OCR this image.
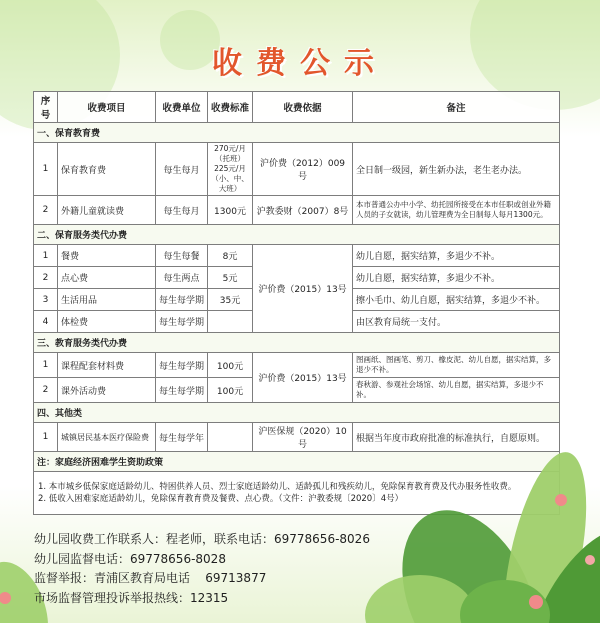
收费公示
序号	收费项目	收费单位	收费标准	收费依据	备注
一、保育教育费					
1	保育教育费	每生每月	270元/月
（托班）
225元/月
（小、中、大班）	沪价费（2012）009号	全日制一级园，新生新办法，老生老办法。
2	外籍儿童就读费	每生每月	1300元	沪教委财（2007）8号	本市普通公办中小学、幼托园所接受在本市任职或创业外籍人员的子女就读，幼儿管理费为全日制每人每月1300元。
二、保育服务类代办费					
1	餐费	每生每餐	8元	沪价费（2015）13号	幼儿自愿，据实结算，多退少不补。
2	点心费	每生两点	5元		幼儿自愿，据实结算，多退少不补。
3	生活用品	每生每学期	35元		擦小毛巾、幼儿自愿，据实结算，多退少不补。
4	体检费	每生每学期			由区教育局统一支付。
三、教育服务类代办费					
1	课程配套材料费	每生每学期	100元	沪价费（2015）13号	图画纸、图画笔、剪刀、橡皮泥、幼儿自愿，据实结算，多退少不补。
2	课外活动费	每生每学期	100元		春秋游、参观社会场馆、幼儿自愿，据实结算，多退少不补。
四、其他类					
1	城镇居民基本医疗保险费	每生每学年		沪医保规（2020）10号	根据当年度市政府批准的标准执行，自愿原则。
注：家庭经济困难学生资助政策					

1. 本市城乡低保家庭适龄幼儿、特困供养人员、烈士家庭适龄幼儿、适龄孤儿和残疾幼儿，免除保育教育费及代办服务性收费。
2. 低收入困难家庭适龄幼儿，免除保育教育费及餐费、点心费。（文件：沪教委规〔2020〕4号）					
幼儿园收费工作联系人：程老师，联系电话：69778656-8026
幼儿园监督电话：69778656-8028
监督举报：青浦区教育局电话    69713877
市场监督管理投诉举报热线：12315
